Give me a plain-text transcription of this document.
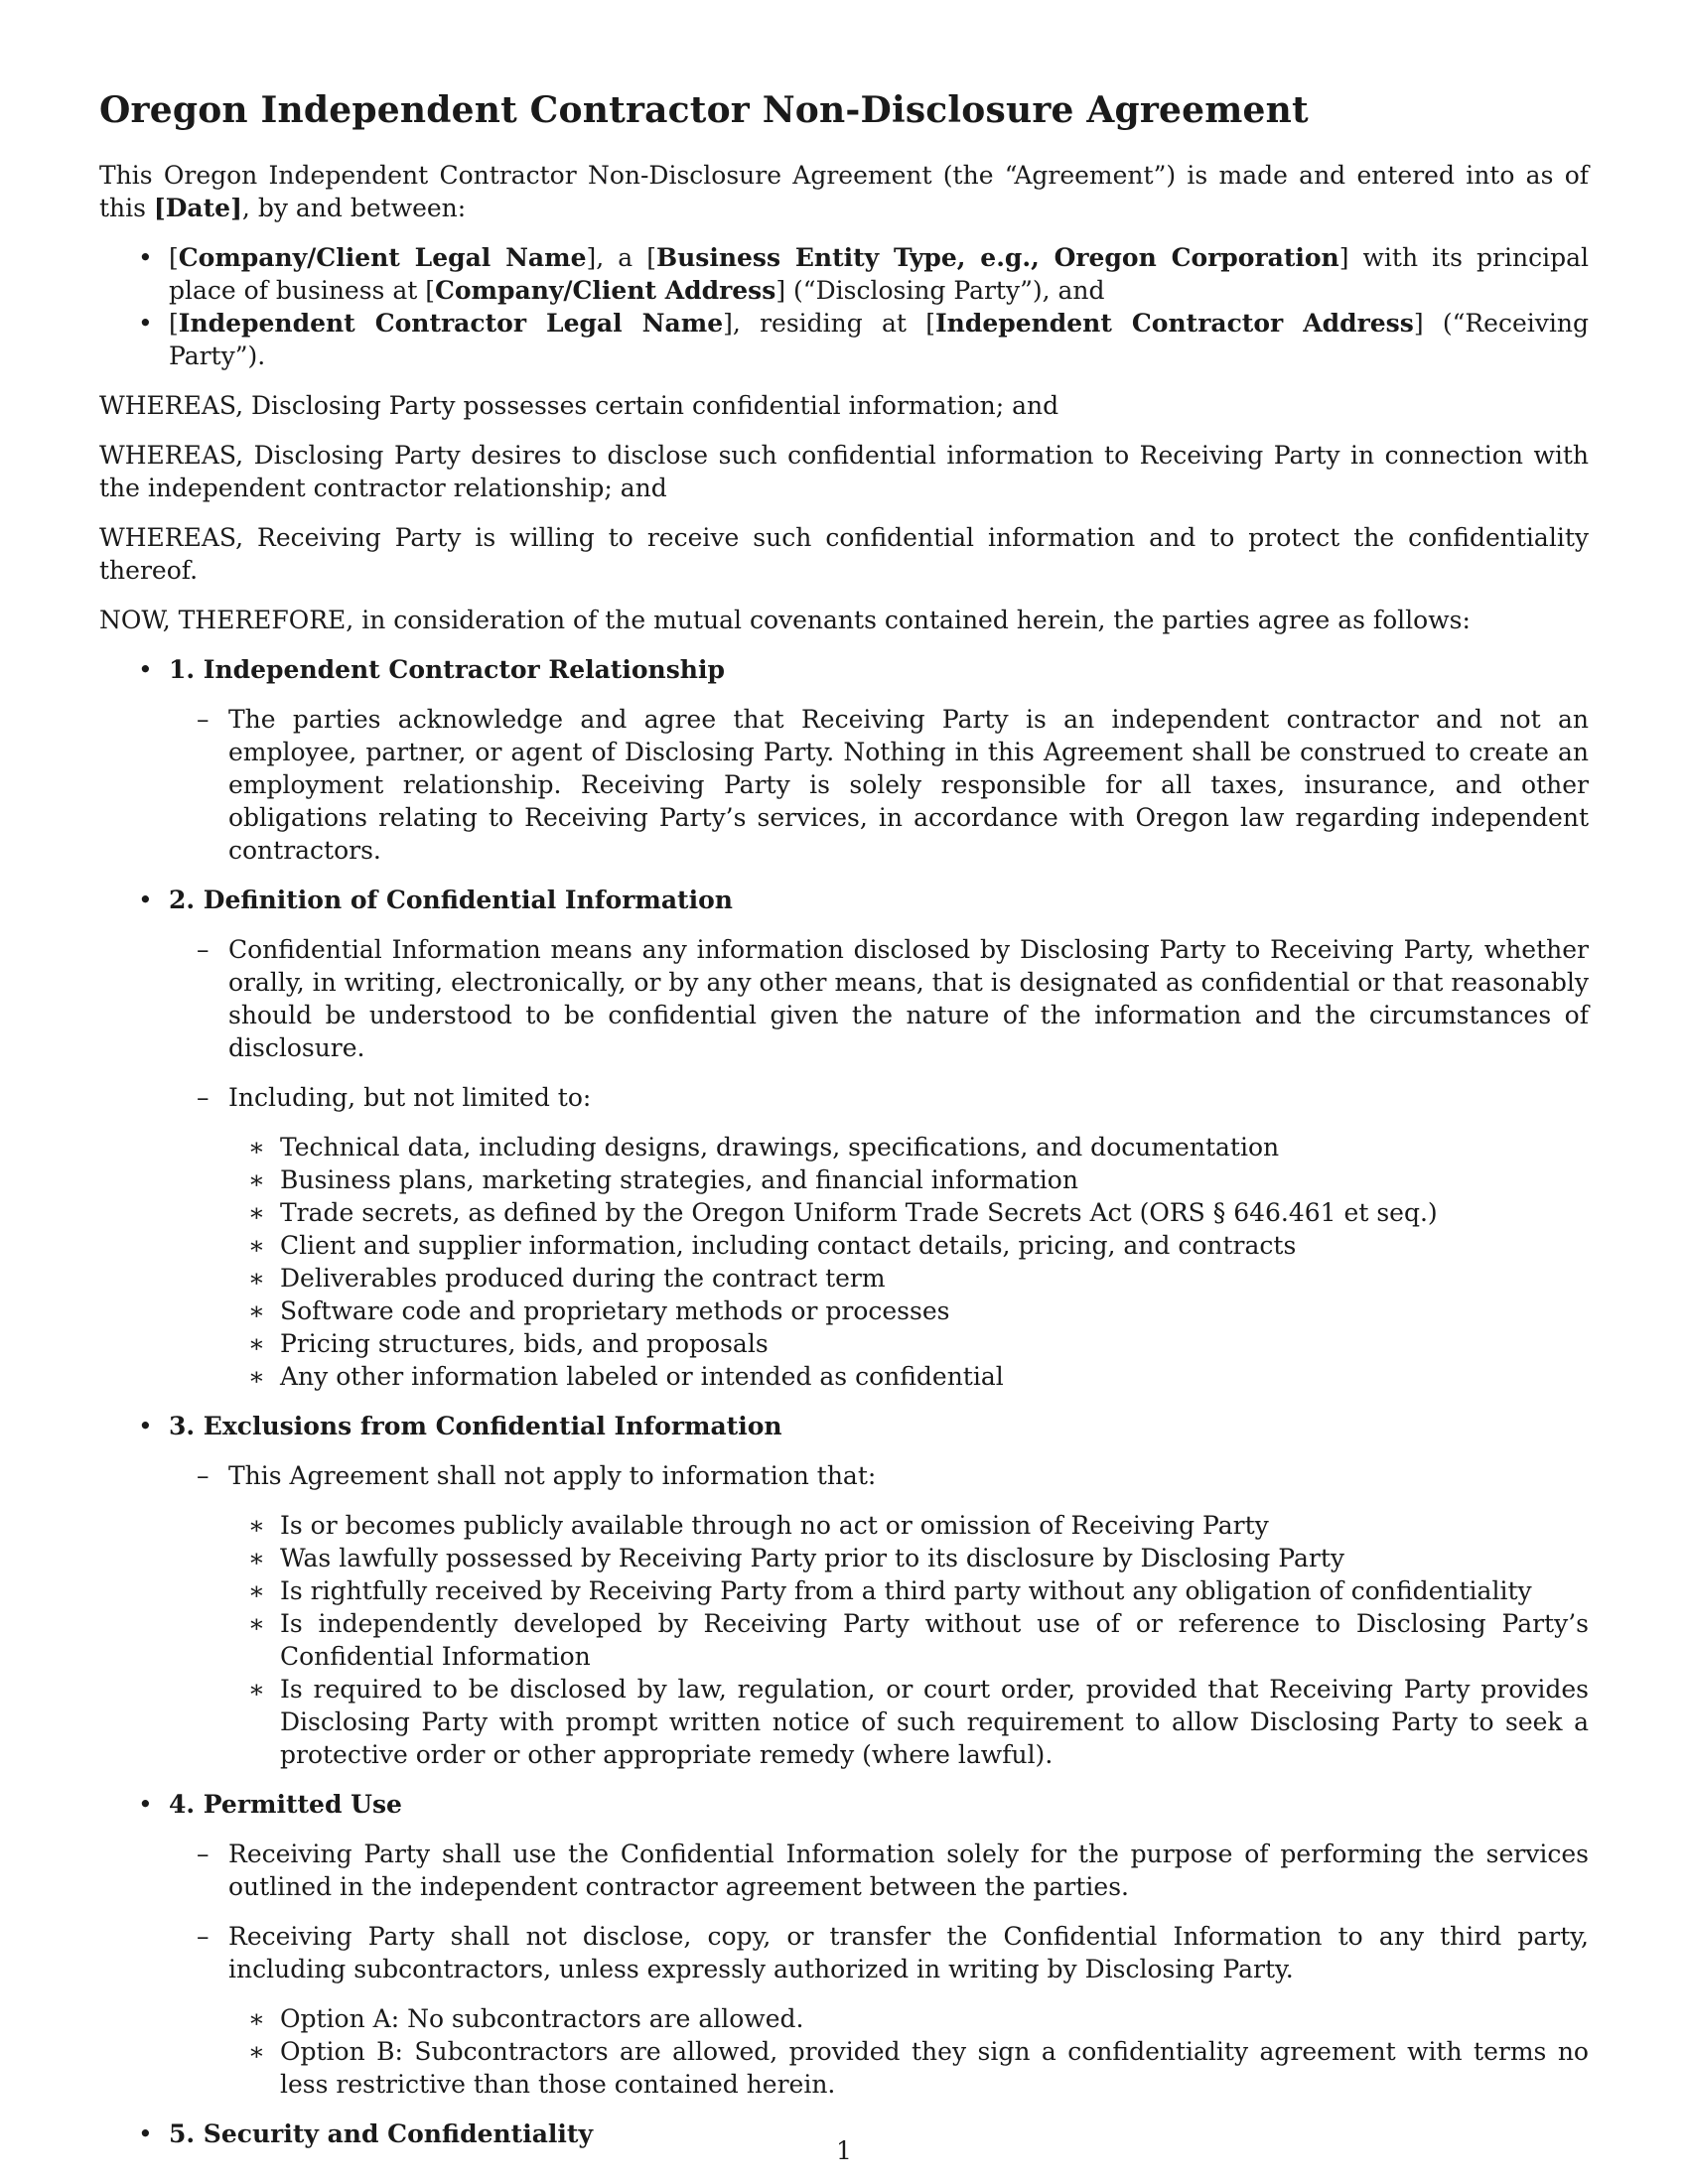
Oregon Independent Contractor Non-Disclosure Agreement

This Oregon Independent Contractor Non-Disclosure Agreement (the “Agreement”) is made and entered into as of this [Date], by and between:

• [Company/Client Legal Name], a [Business Entity Type, e.g., Oregon Corporation] with its principal place of business at [Company/Client Address] (“Disclosing Party”), and
• [Independent Contractor Legal Name], residing at [Independent Contractor Address] (“Receiving Party”).

WHEREAS, Disclosing Party possesses certain confidential information; and

WHEREAS, Disclosing Party desires to disclose such confidential information to Receiving Party in connection with the independent contractor relationship; and

WHEREAS, Receiving Party is willing to receive such confidential information and to protect the confidentiality thereof.

NOW, THEREFORE, in consideration of the mutual covenants contained herein, the parties agree as follows:

• 1. Independent Contractor Relationship
– The parties acknowledge and agree that Receiving Party is an independent contractor and not an employee, partner, or agent of Disclosing Party. Nothing in this Agreement shall be construed to create an employment relationship. Receiving Party is solely responsible for all taxes, insurance, and other obligations relating to Receiving Party’s services, in accordance with Oregon law regarding independent contractors.
• 2. Definition of Confidential Information
– Confidential Information means any information disclosed by Disclosing Party to Receiving Party, whether orally, in writing, electronically, or by any other means, that is designated as confidential or that reasonably should be understood to be confidential given the nature of the information and the circumstances of disclosure.
– Including, but not limited to:
∗ Technical data, including designs, drawings, specifications, and documentation
∗ Business plans, marketing strategies, and financial information
∗ Trade secrets, as defined by the Oregon Uniform Trade Secrets Act (ORS § 646.461 et seq.)
∗ Client and supplier information, including contact details, pricing, and contracts
∗ Deliverables produced during the contract term
∗ Software code and proprietary methods or processes
∗ Pricing structures, bids, and proposals
∗ Any other information labeled or intended as confidential
• 3. Exclusions from Confidential Information
– This Agreement shall not apply to information that:
∗ Is or becomes publicly available through no act or omission of Receiving Party
∗ Was lawfully possessed by Receiving Party prior to its disclosure by Disclosing Party
∗ Is rightfully received by Receiving Party from a third party without any obligation of confidentiality
∗ Is independently developed by Receiving Party without use of or reference to Disclosing Party’s Confidential Information
∗ Is required to be disclosed by law, regulation, or court order, provided that Receiving Party provides Disclosing Party with prompt written notice of such requirement to allow Disclosing Party to seek a protective order or other appropriate remedy (where lawful).
• 4. Permitted Use
– Receiving Party shall use the Confidential Information solely for the purpose of performing the services outlined in the independent contractor agreement between the parties.
– Receiving Party shall not disclose, copy, or transfer the Confidential Information to any third party, including subcontractors, unless expressly authorized in writing by Disclosing Party.
∗ Option A: No subcontractors are allowed.
∗ Option B: Subcontractors are allowed, provided they sign a confidentiality agreement with terms no less restrictive than those contained herein.
• 5. Security and Confidentiality
1
